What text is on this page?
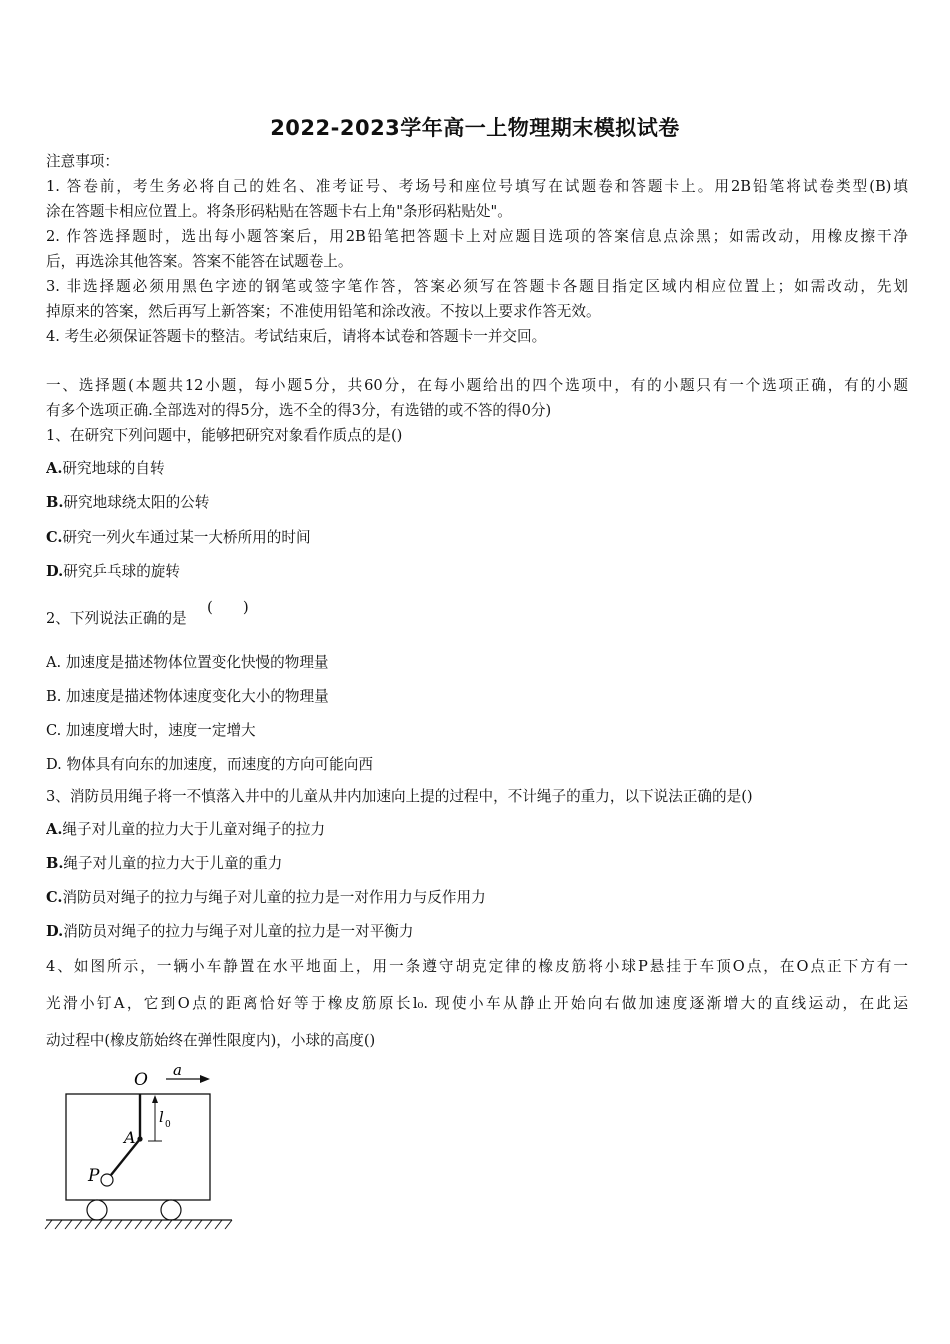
2022-2023学年高一上物理期末模拟试卷
注意事项：
1. 答卷前，考生务必将自己的姓名、准考证号、考场号和座位号填写在试题卷和答题卡上。用2B铅笔将试卷类型(B)填
涂在答题卡相应位置上。将条形码粘贴在答题卡右上角"条形码粘贴处"。
2. 作答选择题时，选出每小题答案后，用2B铅笔把答题卡上对应题目选项的答案信息点涂黑；如需改动，用橡皮擦干净
后，再选涂其他答案。答案不能答在试题卷上。
3. 非选择题必须用黑色字迹的钢笔或签字笔作答，答案必须写在答题卡各题目指定区域内相应位置上；如需改动，先划
掉原来的答案，然后再写上新答案；不准使用铅笔和涂改液。不按以上要求作答无效。
4. 考生必须保证答题卡的整洁。考试结束后，请将本试卷和答题卡一并交回。
一、选择题(本题共12小题，每小题5分，共60分，在每小题给出的四个选项中，有的小题只有一个选项正确，有的小题
有多个选项正确.全部选对的得5分，选不全的得3分，有选错的或不答的得0分)
1、在研究下列问题中，能够把研究对象看作质点的是()
A.研究地球的自转
B.研究地球绕太阳的公转
C.研究一列火车通过某一大桥所用的时间
D.研究乒乓球的旋转
2、下列说法正确的是
(　　)
A. 加速度是描述物体位置变化快慢的物理量
B. 加速度是描述物体速度变化大小的物理量
C. 加速度增大时，速度一定增大
D. 物体具有向东的加速度，而速度的方向可能向西
3、消防员用绳子将一不慎落入井中的儿童从井内加速向上提的过程中，不计绳子的重力，以下说法正确的是()
A.绳子对儿童的拉力大于儿童对绳子的拉力
B.绳子对儿童的拉力大于儿童的重力
C.消防员对绳子的拉力与绳子对儿童的拉力是一对作用力与反作用力
D.消防员对绳子的拉力与绳子对儿童的拉力是一对平衡力
4、如图所示，一辆小车静置在水平地面上，用一条遵守胡克定律的橡皮筋将小球P悬挂于车顶O点，在O点正下方有一
光滑小钉A，它到O点的距离恰好等于橡皮筋原长l₀. 现使小车从静止开始向右做加速度逐渐增大的直线运动，在此运
动过程中(橡皮筋始终在弹性限度内)，小球的高度()
O a
A
l 0
P
